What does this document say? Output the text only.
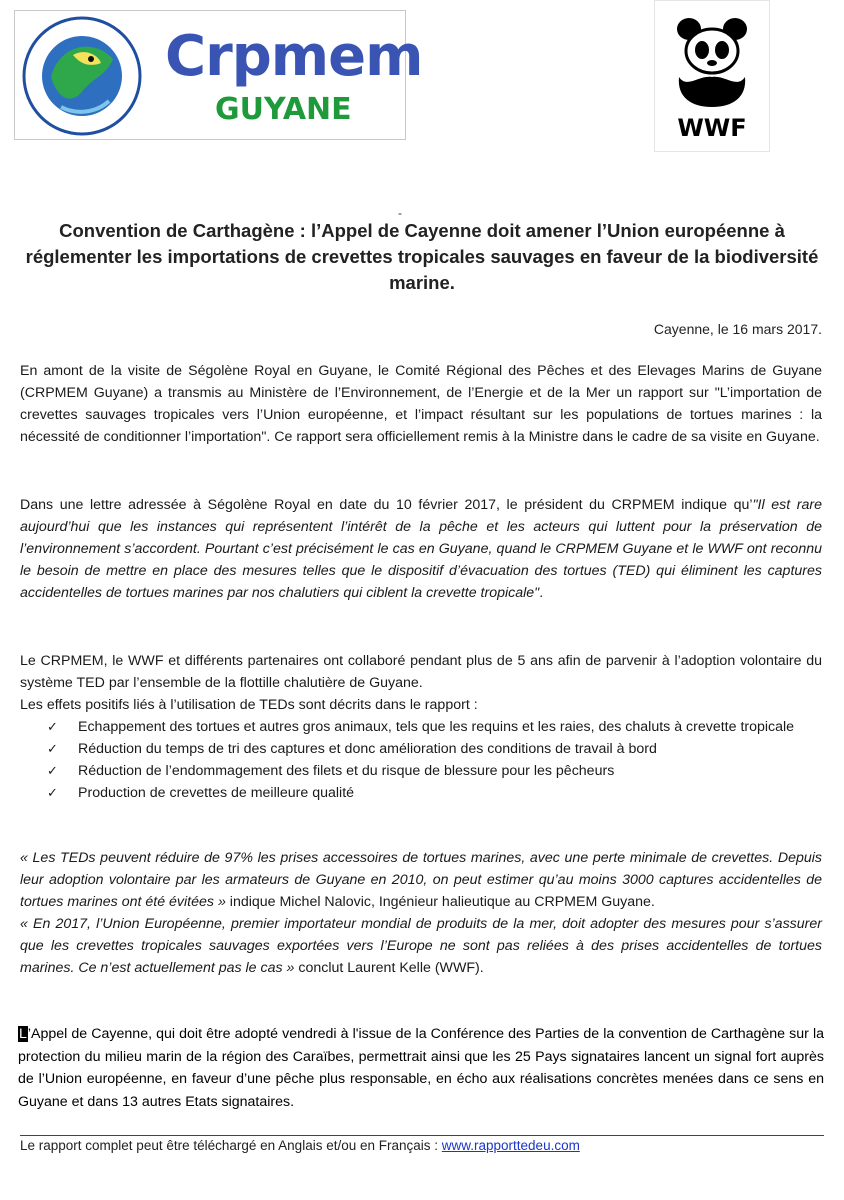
Crpmem
GUYANE
WWF
-
Convention de Carthagène : l’Appel de Cayenne doit amener l’Union européenne à réglementer les importations de crevettes tropicales sauvages en faveur de la biodiversité marine.
Cayenne, le 16 mars 2017.

En amont de la visite de Ségolène Royal en Guyane, le Comité Régional des Pêches et des Elevages Marins de Guyane (CRPMEM Guyane) a transmis au Ministère de l’Environnement, de l’Energie et de la Mer un rapport sur "L’importation de crevettes sauvages tropicales vers l’Union européenne, et l’impact résultant sur les populations de tortues marines : la nécessité de conditionner l’importation". Ce rapport sera officiellement remis à la Ministre dans le cadre de sa visite en Guyane.

Dans une lettre adressée à Ségolène Royal en date du 10 février 2017, le président du CRPMEM indique qu’"Il est rare aujourd’hui que les instances qui représentent l’intérêt de la pêche et les acteurs qui luttent pour la préservation de l’environnement s’accordent. Pourtant c’est précisément le cas en Guyane, quand le CRPMEM Guyane et le WWF ont reconnu le besoin de mettre en place des mesures telles que le dispositif d’évacuation des tortues (TED) qui éliminent les captures accidentelles de tortues marines par nos chalutiers qui ciblent la crevette tropicale".

Le CRPMEM, le WWF et différents partenaires ont collaboré pendant plus de 5 ans afin de parvenir à l’adoption volontaire du système TED par l’ensemble de la flottille chalutière de Guyane.

Les effets positifs liés à l’utilisation de TEDs sont décrits dans le rapport :

✓ Echappement des tortues et autres gros animaux, tels que les requins et les raies, des chaluts à crevette tropicale
✓ Réduction du temps de tri des captures et donc amélioration des conditions de travail à bord
✓ Réduction de l’endommagement des filets et du risque de blessure pour les pêcheurs
✓ Production de crevettes de meilleure qualité

« Les TEDs peuvent réduire de 97% les prises accessoires de tortues marines, avec une perte minimale de crevettes. Depuis leur adoption volontaire par les armateurs de Guyane en 2010, on peut estimer qu’au moins 3000 captures accidentelles de tortues marines ont été évitées » indique Michel Nalovic, Ingénieur halieutique au CRPMEM Guyane.

« En 2017, l’Union Européenne, premier importateur mondial de produits de la mer, doit adopter des mesures pour s’assurer que les crevettes tropicales sauvages exportées vers l’Europe ne sont pas reliées à des prises accidentelles de tortues marines. Ce n’est actuellement pas le cas » conclut Laurent Kelle (WWF).

L’Appel de Cayenne, qui doit être adopté vendredi à l'issue de la Conférence des Parties de la convention de Carthagène sur la protection du milieu marin de la région des Caraïbes, permettrait ainsi que les 25 Pays signataires lancent un signal fort auprès de l’Union européenne, en faveur d’une pêche plus responsable, en écho aux réalisations concrètes menées dans ce sens en Guyane et dans 13 autres Etats signataires.
Le rapport complet peut être téléchargé en Anglais et/ou en Français : www.rapporttedeu.com
